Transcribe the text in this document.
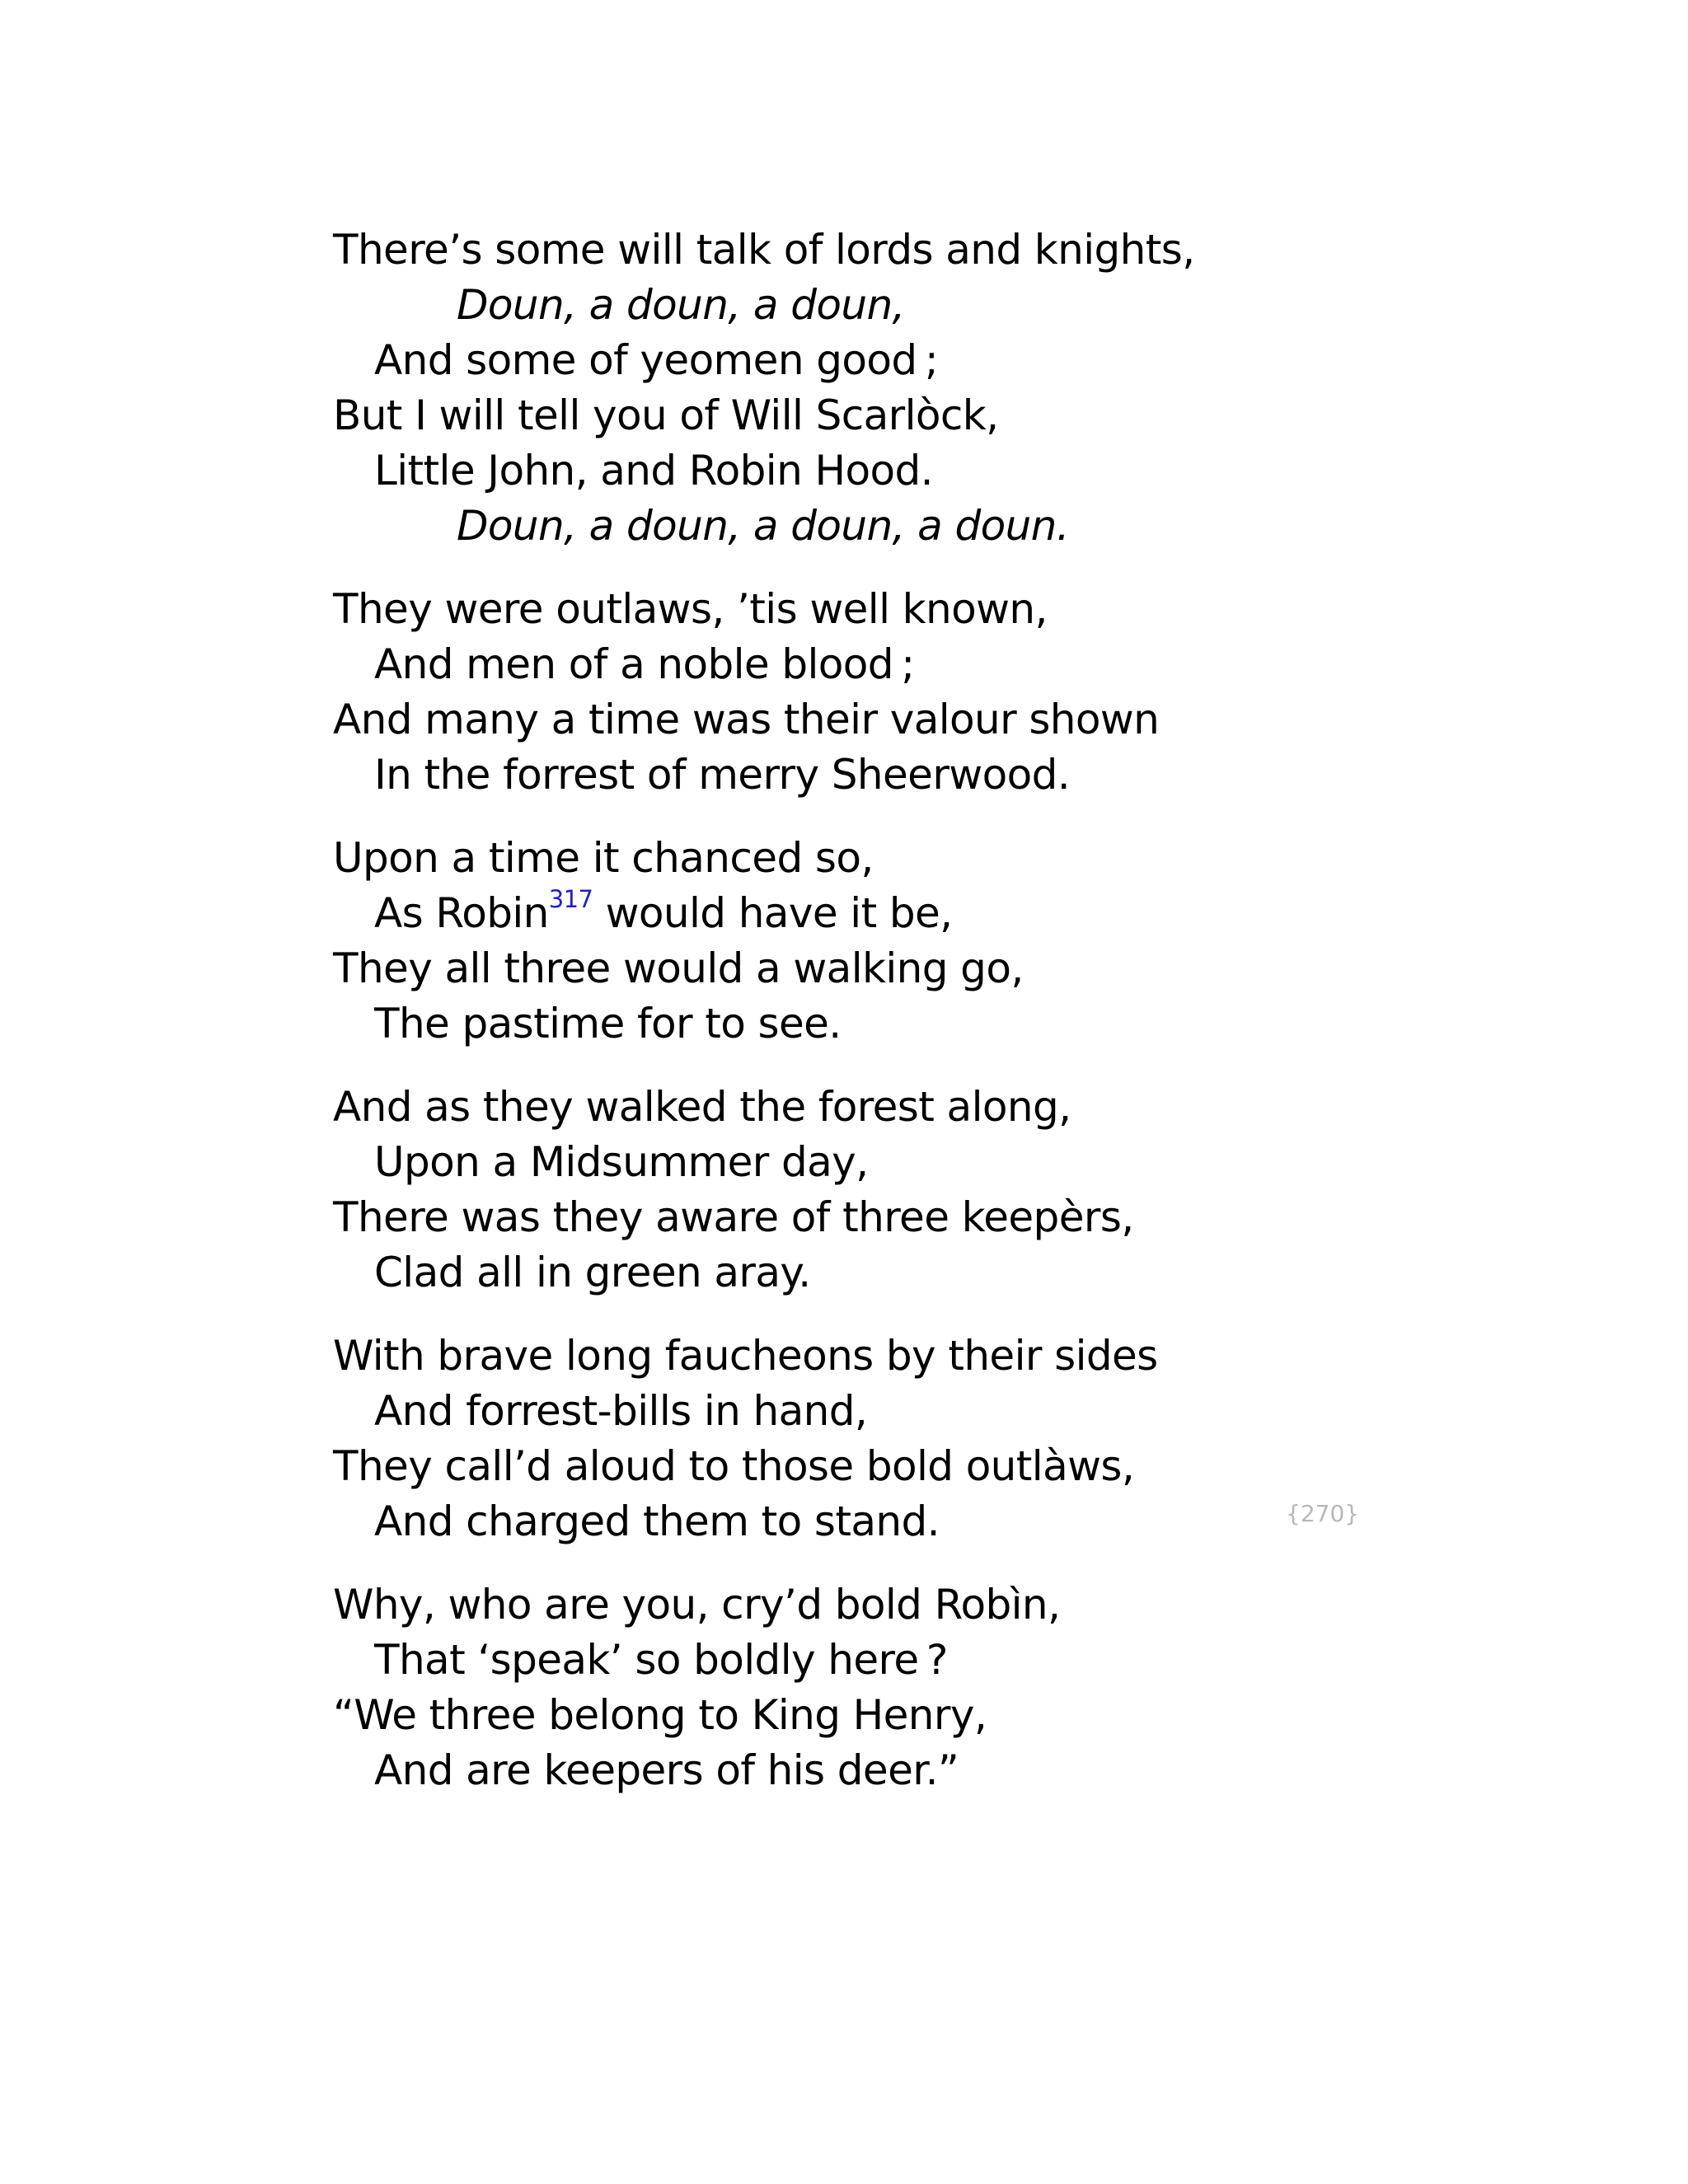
There’s some will talk of lords and knights,
Doun, a doun, a doun,
And some of yeomen good ;
But I will tell you of Will Scarlòck,
Little John, and Robin Hood.
Doun, a doun, a doun, a doun.
They were outlaws, ’tis well known,
And men of a noble blood ;
And many a time was their valour shown
In the forrest of merry Sheerwood.
Upon a time it chanced so,
As Robin$^{317}$ would have it be,
They all three would a walking go,
The pastime for to see.
And as they walked the forest along,
Upon a Midsummer day,
There was they aware of three keepèrs,
Clad all in green aray.
With brave long faucheons by their sides
And forrest-bills in hand,
They call’d aloud to those bold outlàws,
And charged them to stand.
Why, who are you, cry’d bold Robìn,
That ‘speak’ so boldly here ?
“We three belong to King Henry,
And are keepers of his deer.”
{270}
